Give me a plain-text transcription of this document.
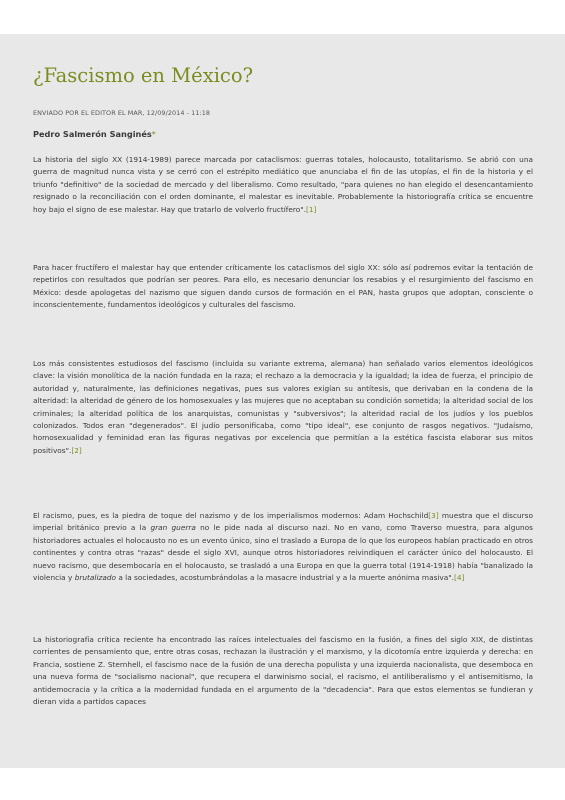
¿Fascismo en México?
ENVIADO POR EL EDITOR EL MAR, 12/09/2014 - 11:18
Pedro Salmerón Sanginés*
La historia del siglo XX (1914-1989) parece marcada por cataclismos: guerras totales, holocausto, totalitarismo. Se abrió con una guerra de magnitud nunca vista y se cerró con el estrépito mediático que anunciaba el fin de las utopías, el fin de la historia y el triunfo "definitivo" de la sociedad de mercado y del liberalismo. Como resultado, "para quienes no han elegido el desencantamiento resignado o la reconciliación con el orden dominante, el malestar es inevitable. Probablemente la historiografía crítica se encuentre hoy bajo el signo de ese malestar. Hay que tratarlo de volverlo fructífero".[1]
Para hacer fructífero el malestar hay que entender críticamente los cataclismos del siglo XX: sólo así podremos evitar la tentación de repetirlos con resultados que podrían ser peores. Para ello, es necesario denunciar los resabios y el resurgimiento del fascismo en México: desde apologetas del nazismo que siguen dando cursos de formación en el PAN, hasta grupos que adoptan, consciente o inconscientemente, fundamentos ideológicos y culturales del fascismo.
Los más consistentes estudiosos del fascismo (incluida su variante extrema, alemana) han señalado varios elementos ideológicos clave: la visión monolítica de la nación fundada en la raza; el rechazo a la democracia y la igualdad; la idea de fuerza, el principio de autoridad y, naturalmente, las definiciones negativas, pues sus valores exigían su antítesis, que derivaban en la condena de la alteridad: la alteridad de género de los homosexuales y las mujeres que no aceptaban su condición sometida; la alteridad social de los criminales; la alteridad política de los anarquistas, comunistas y "subversivos"; la alteridad racial de los judíos y los pueblos colonizados. Todos eran "degenerados". El judío personificaba, como "tipo ideal", ese conjunto de rasgos negativos. "Judaísmo, homosexualidad y feminidad eran las figuras negativas por excelencia que permitían a la estética fascista elaborar sus mitos positivos".[2]
El racismo, pues, es la piedra de toque del nazismo y de los imperialismos modernos: Adam Hochschild[3] muestra que el discurso imperial británico previo a la gran guerra no le pide nada al discurso nazi. No en vano, como Traverso muestra, para algunos historiadores actuales el holocausto no es un evento único, sino el traslado a Europa de lo que los europeos habían practicado en otros continentes y contra otras "razas" desde el siglo XVI, aunque otros historiadores reivindiquen el carácter único del holocausto. El nuevo racismo, que desembocaría en el holocausto, se trasladó a una Europa en que la guerra total (1914-1918) había "banalizado la violencia y brutalizado a la sociedades, acostumbrándolas a la masacre industrial y a la muerte anónima masiva".[4]
La historiografía crítica reciente ha encontrado las raíces intelectuales del fascismo en la fusión, a fines del siglo XIX, de distintas corrientes de pensamiento que, entre otras cosas, rechazan la ilustración y el marxismo, y la dicotomía entre izquierda y derecha: en Francia, sostiene Z. Sternhell, el fascismo nace de la fusión de una derecha populista y una izquierda nacionalista, que desemboca en una nueva forma de "socialismo nacional", que recupera el darwinismo social, el racismo, el antiliberalismo y el antisemitismo, la antidemocracia y la crítica a la modernidad fundada en el argumento de la "decadencia". Para que estos elementos se fundieran y dieran vida a partidos capaces
